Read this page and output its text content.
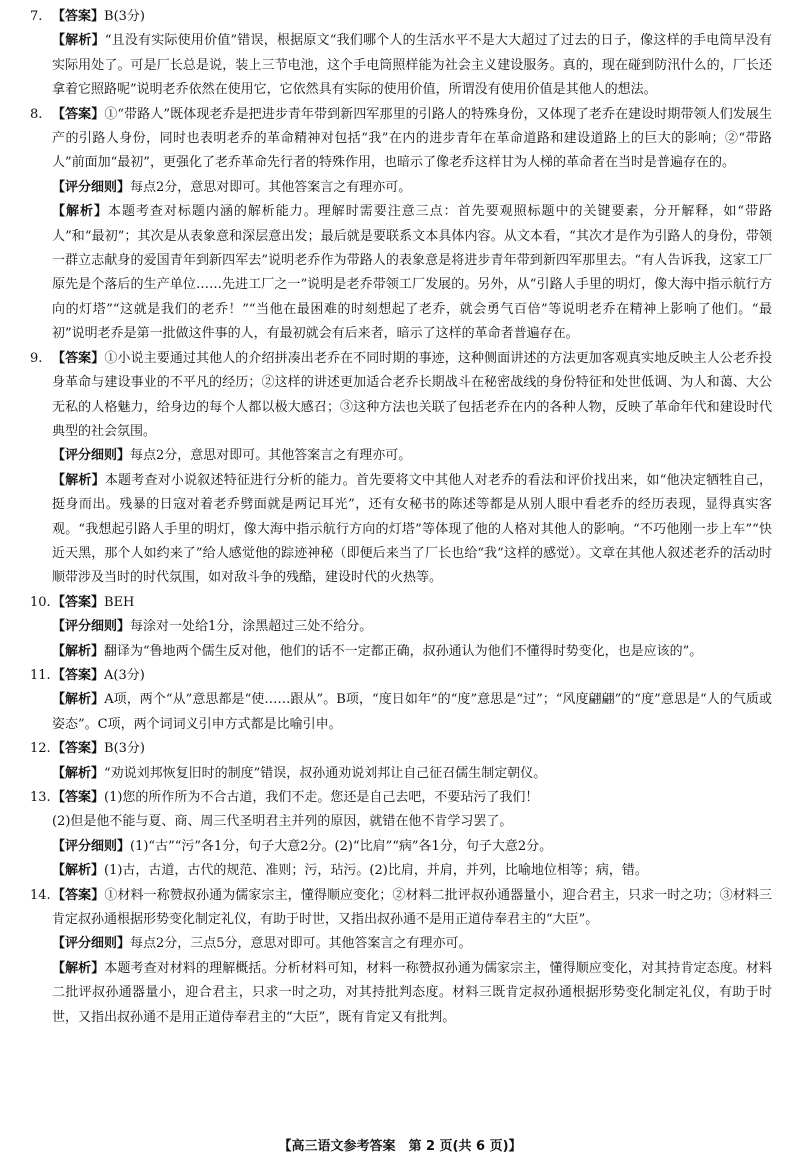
7. 【答案】B(3分)
【解析】“且没有实际使用价值”错误，根据原文“我们哪个人的生活水平不是大大超过了过去的日子，像这样的手电筒早没有实际用处了。可是厂长总是说，装上三节电池，这个手电筒照样能为社会主义建设服务。真的，现在碰到防汛什么的，厂长还拿着它照路呢”说明老乔依然在使用它，它依然具有实际的使用价值，所谓没有使用价值是其他人的想法。
8. 【答案】①“带路人”既体现老乔是把进步青年带到新四军那里的引路人的特殊身份，又体现了老乔在建设时期带领人们发展生产的引路人身份，同时也表明老乔的革命精神对包括“我”在内的进步青年在革命道路和建设道路上的巨大的影响；②“带路人”前面加“最初”，更强化了老乔革命先行者的特殊作用，也暗示了像老乔这样甘为人梯的革命者在当时是普遍存在的。
【评分细则】每点2分，意思对即可。其他答案言之有理亦可。
【解析】本题考查对标题内涵的解析能力。理解时需要注意三点：首先要观照标题中的关键要素，分开解释，如“带路人”和“最初”；其次是从表象意和深层意出发；最后就是要联系文本具体内容。从文本看，“其次才是作为引路人的身份，带领一群立志献身的爱国青年到新四军去”说明老乔作为带路人的表象意是将进步青年带到新四军那里去。“有人告诉我，这家工厂原先是个落后的生产单位……先进工厂之一”说明是老乔带领工厂发展的。另外，从“引路人手里的明灯，像大海中指示航行方向的灯塔”“这就是我们的老乔！”“当他在最困难的时刻想起了老乔，就会勇气百倍”等说明老乔在精神上影响了他们。“最初”说明老乔是第一批做这件事的人，有最初就会有后来者，暗示了这样的革命者普遍存在。
9. 【答案】①小说主要通过其他人的介绍拼凑出老乔在不同时期的事迹，这种侧面讲述的方法更加客观真实地反映主人公老乔投身革命与建设事业的不平凡的经历；②这样的讲述更加适合老乔长期战斗在秘密战线的身份特征和处世低调、为人和蔼、大公无私的人格魅力，给身边的每个人都以极大感召；③这种方法也关联了包括老乔在内的各种人物，反映了革命年代和建设时代典型的社会氛围。
【评分细则】每点2分，意思对即可。其他答案言之有理亦可。
【解析】本题考查对小说叙述特征进行分析的能力。首先要将文中其他人对老乔的看法和评价找出来，如“他决定牺牲自己，挺身而出。残暴的日寇对着老乔劈面就是两记耳光”，还有女秘书的陈述等都是从别人眼中看老乔的经历表现，显得真实客观。“我想起引路人手里的明灯，像大海中指示航行方向的灯塔”等体现了他的人格对其他人的影响。“不巧他刚一步上车”“快近天黑，那个人如约来了”给人感觉他的踪迹神秘（即便后来当了厂长也给“我”这样的感觉）。文章在其他人叙述老乔的活动时顺带涉及当时的时代氛围，如对敌斗争的残酷，建设时代的火热等。
10. 【答案】BEH
【评分细则】每涂对一处给1分，涂黑超过三处不给分。
【解析】翻译为“鲁地两个儒生反对他，他们的话不一定都正确，叔孙通认为他们不懂得时势变化，也是应该的”。
11. 【答案】A(3分)
【解析】A项，两个“从”意思都是“使……跟从”。B项，“度日如年”的“度”意思是“过”；“风度翩翩”的“度”意思是“人的气质或姿态”。C项，两个词词义引申方式都是比喻引申。
12. 【答案】B(3分)
【解析】“劝说刘邦恢复旧时的制度”错误，叔孙通劝说刘邦让自己征召儒生制定朝仪。
13. 【答案】(1)您的所作所为不合古道，我们不走。您还是自己去吧，不要玷污了我们！
(2)但是他不能与夏、商、周三代圣明君主并列的原因，就错在他不肯学习罢了。
【评分细则】(1)“古”“污”各1分，句子大意2分。(2)“比肩”“病”各1分，句子大意2分。
【解析】(1)古，古道，古代的规范、准则；污，玷污。(2)比肩，并肩，并列，比喻地位相等；病，错。
14. 【答案】①材料一称赞叔孙通为儒家宗主，懂得顺应变化；②材料二批评叔孙通器量小，迎合君主，只求一时之功；③材料三肯定叔孙通根据形势变化制定礼仪，有助于时世，又指出叔孙通不是用正道侍奉君主的“大臣”。
【评分细则】每点2分，三点5分，意思对即可。其他答案言之有理亦可。
【解析】本题考查对材料的理解概括。分析材料可知，材料一称赞叔孙通为儒家宗主，懂得顺应变化，对其持肯定态度。材料二批评叔孙通器量小，迎合君主，只求一时之功，对其持批判态度。材料三既肯定叔孙通根据形势变化制定礼仪，有助于时世，又指出叔孙通不是用正道侍奉君主的“大臣”，既有肯定又有批判。
【高三语文参考答案　第 2 页(共 6 页)】
